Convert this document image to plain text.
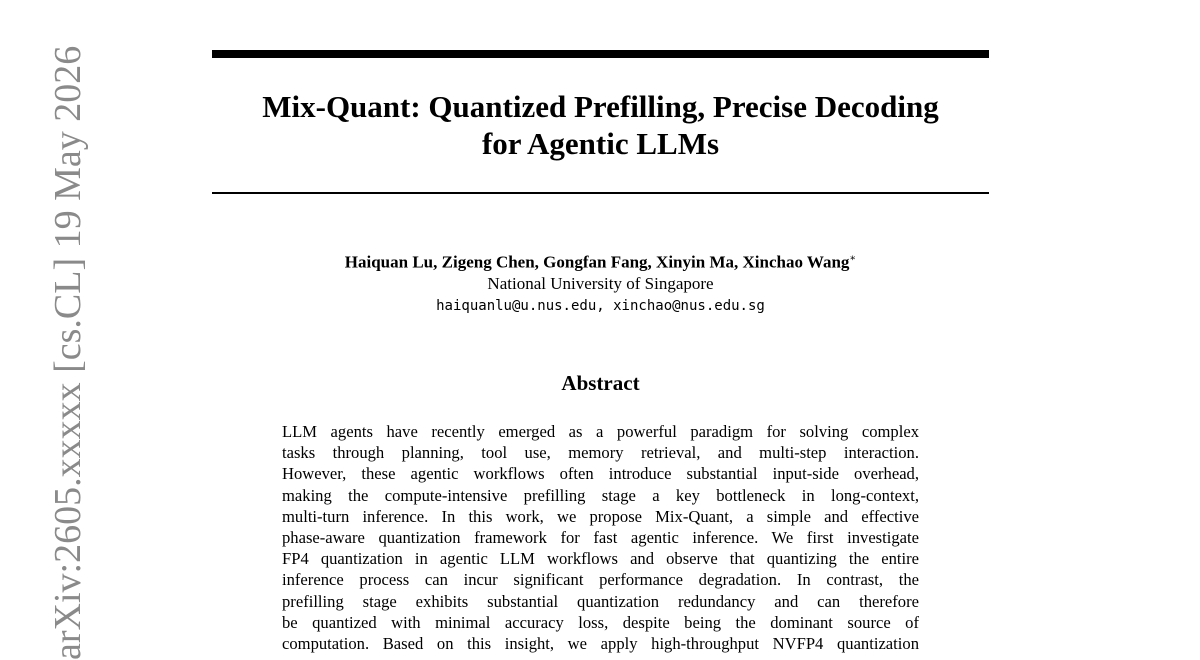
Mix-Quant: Quantized Prefilling, Precise Decoding
for Agentic LLMs
Haiquan Lu, Zigeng Chen, Gongfan Fang, Xinyin Ma, Xinchao Wang∗
National University of Singapore
haiquanlu@u.nus.edu, xinchao@nus.edu.sg
Abstract
LLM agents have recently emerged as a powerful paradigm for solving complex
tasks through planning, tool use, memory retrieval, and multi-step interaction.
However, these agentic workflows often introduce substantial input-side overhead,
making the compute-intensive prefilling stage a key bottleneck in long-context,
multi-turn inference. In this work, we propose Mix-Quant, a simple and effective
phase-aware quantization framework for fast agentic inference. We first investigate
FP4 quantization in agentic LLM workflows and observe that quantizing the entire
inference process can incur significant performance degradation. In contrast, the
prefilling stage exhibits substantial quantization redundancy and can therefore
be quantized with minimal accuracy loss, despite being the dominant source of
computation. Based on this insight, we apply high-throughput NVFP4 quantization
arXiv:2605.xxxxx [cs.CL] 19 May 2026
